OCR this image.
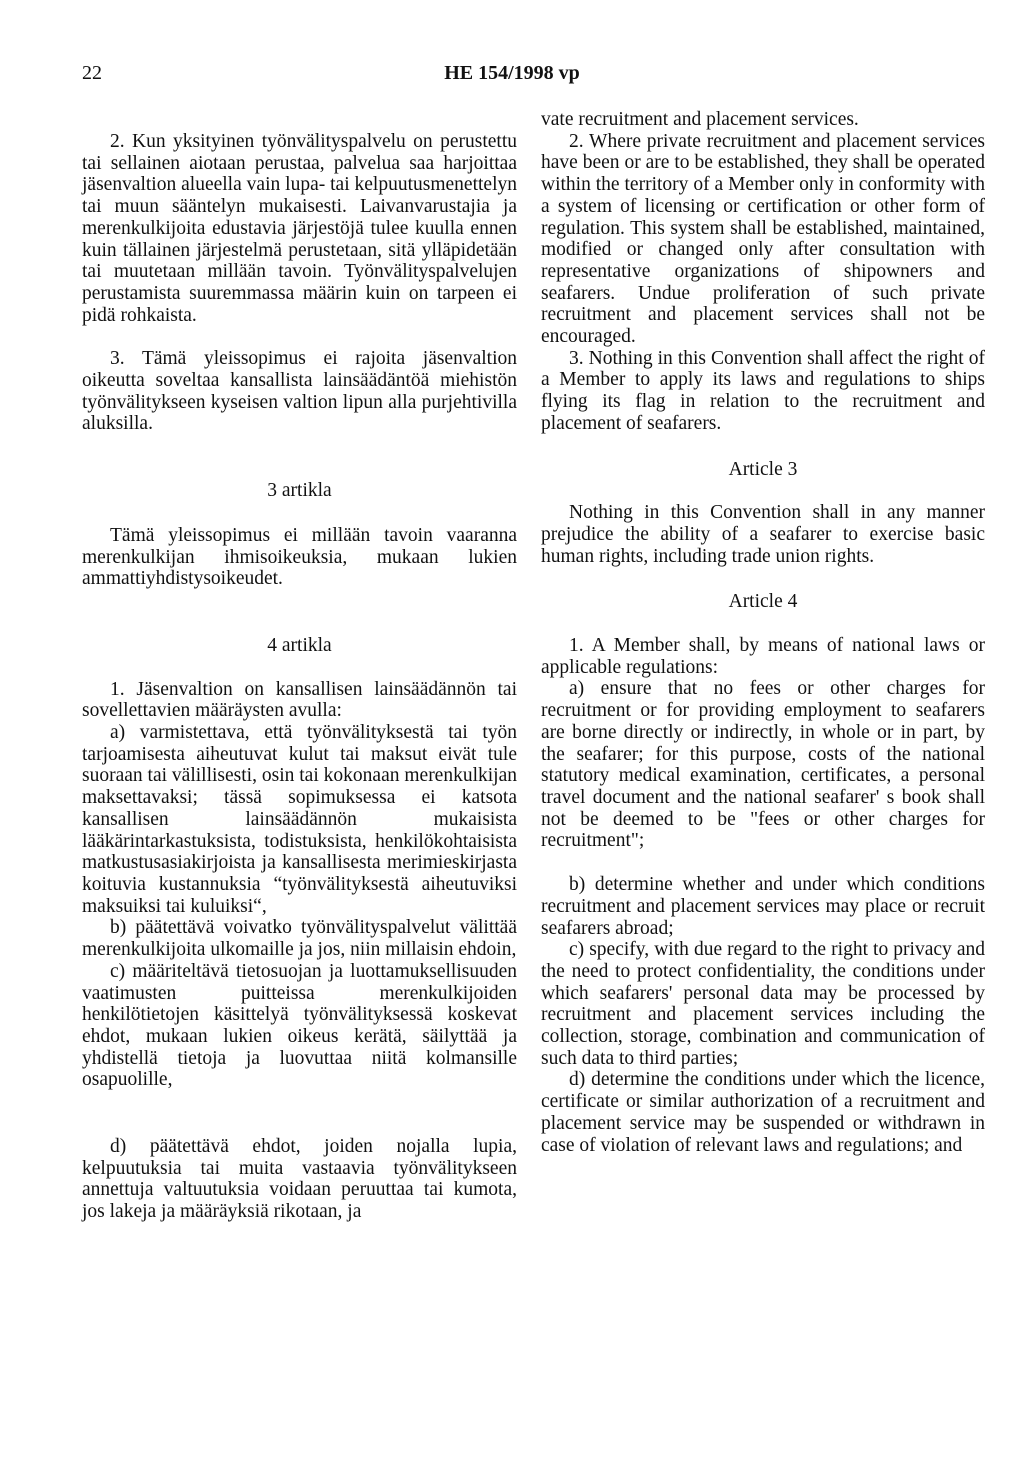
22	HE 154/1998 vp

2. Kun yksityinen työnvälityspalvelu on perustettu tai sellainen aiotaan perustaa, palvelua saa harjoittaa jäsenvaltion alueella vain lupa- tai kelpuutusmenettelyn tai muun sääntelyn mukaisesti. Laivanvarustajia ja merenkulkijoita edustavia järjestöjä tulee kuulla ennen kuin tällainen järjestelmä perustetaan, sitä ylläpidetään tai muutetaan millään tavoin. Työnvälityspalvelujen perustamista suuremmassa määrin kuin on tarpeen ei pidä rohkaista.

3. Tämä yleissopimus ei rajoita jäsenvaltion oikeutta soveltaa kansallista lainsäädäntöä miehistön työnvälitykseen kyseisen valtion lipun alla purjehtivilla aluksilla.

3 artikla

Tämä yleissopimus ei millään tavoin vaaranna merenkulkijan ihmisoikeuksia, mukaan lukien ammattiyhdistysoikeudet.

4 artikla

1. Jäsenvaltion on kansallisen lainsäädännön tai sovellettavien määräysten avulla:

a) varmistettava, että työnvälityksestä tai työn tarjoamisesta aiheutuvat kulut tai maksut eivät tule suoraan tai välillisesti, osin tai kokonaan merenkulkijan maksettavaksi; tässä sopimuksessa ei katsota kansallisen lainsäädännön mukaisista lääkärintarkastuksista, todistuksista, henkilökohtaisista matkustusasiakirjoista ja kansallisesta merimieskirjasta koituvia kustannuksia “työnvälityksestä aiheutuviksi maksuiksi tai kuluiksi“,

b) päätettävä voivatko työnvälityspalvelut välittää merenkulkijoita ulkomaille ja jos, niin millaisin ehdoin,

c) määriteltävä tietosuojan ja luottamuksellisuuden vaatimusten puitteissa merenkulkijoiden henkilötietojen käsittelyä työnvälityksessä koskevat ehdot, mukaan lukien oikeus kerätä, säilyttää ja yhdistellä tietoja ja luovuttaa niitä kolmansille osapuolille,

d) päätettävä ehdot, joiden nojalla lupia, kelpuutuksia tai muita vastaavia työnvälitykseen annettuja valtuutuksia voidaan peruuttaa tai kumota, jos lakeja ja määräyksiä rikotaan, ja

vate recruitment and placement services.

2. Where private recruitment and placement services have been or are to be established, they shall be operated within the territory of a Member only in conformity with a system of licensing or certification or other form of regulation. This system shall be established, maintained, modified or changed only after consultation with representative organizations of shipowners and seafarers. Undue proliferation of such private recruitment and placement services shall not be encouraged.

3. Nothing in this Convention shall affect the right of a Member to apply its laws and regulations to ships flying its flag in relation to the recruitment and placement of seafarers.

Article 3

Nothing in this Convention shall in any manner prejudice the ability of a seafarer to exercise basic human rights, including trade union rights.

Article 4

1. A Member shall, by means of national laws or applicable regulations:

a) ensure that no fees or other charges for recruitment or for providing employment to seafarers are borne directly or indirectly, in whole or in part, by the seafarer; for this purpose, costs of the national statutory medical examination, certificates, a personal travel document and the national seafarer' s book shall not be deemed to be "fees or other charges for recruitment";

b) determine whether and under which conditions recruitment and placement services may place or recruit seafarers abroad;

c) specify, with due regard to the right to privacy and the need to protect confidentiality, the conditions under which seafarers' personal data may be processed by recruitment and placement services including the collection, storage, combination and communication of such data to third parties;

d) determine the conditions under which the licence, certificate or similar authorization of a recruitment and placement service may be suspended or withdrawn in case of violation of relevant laws and regulations; and
